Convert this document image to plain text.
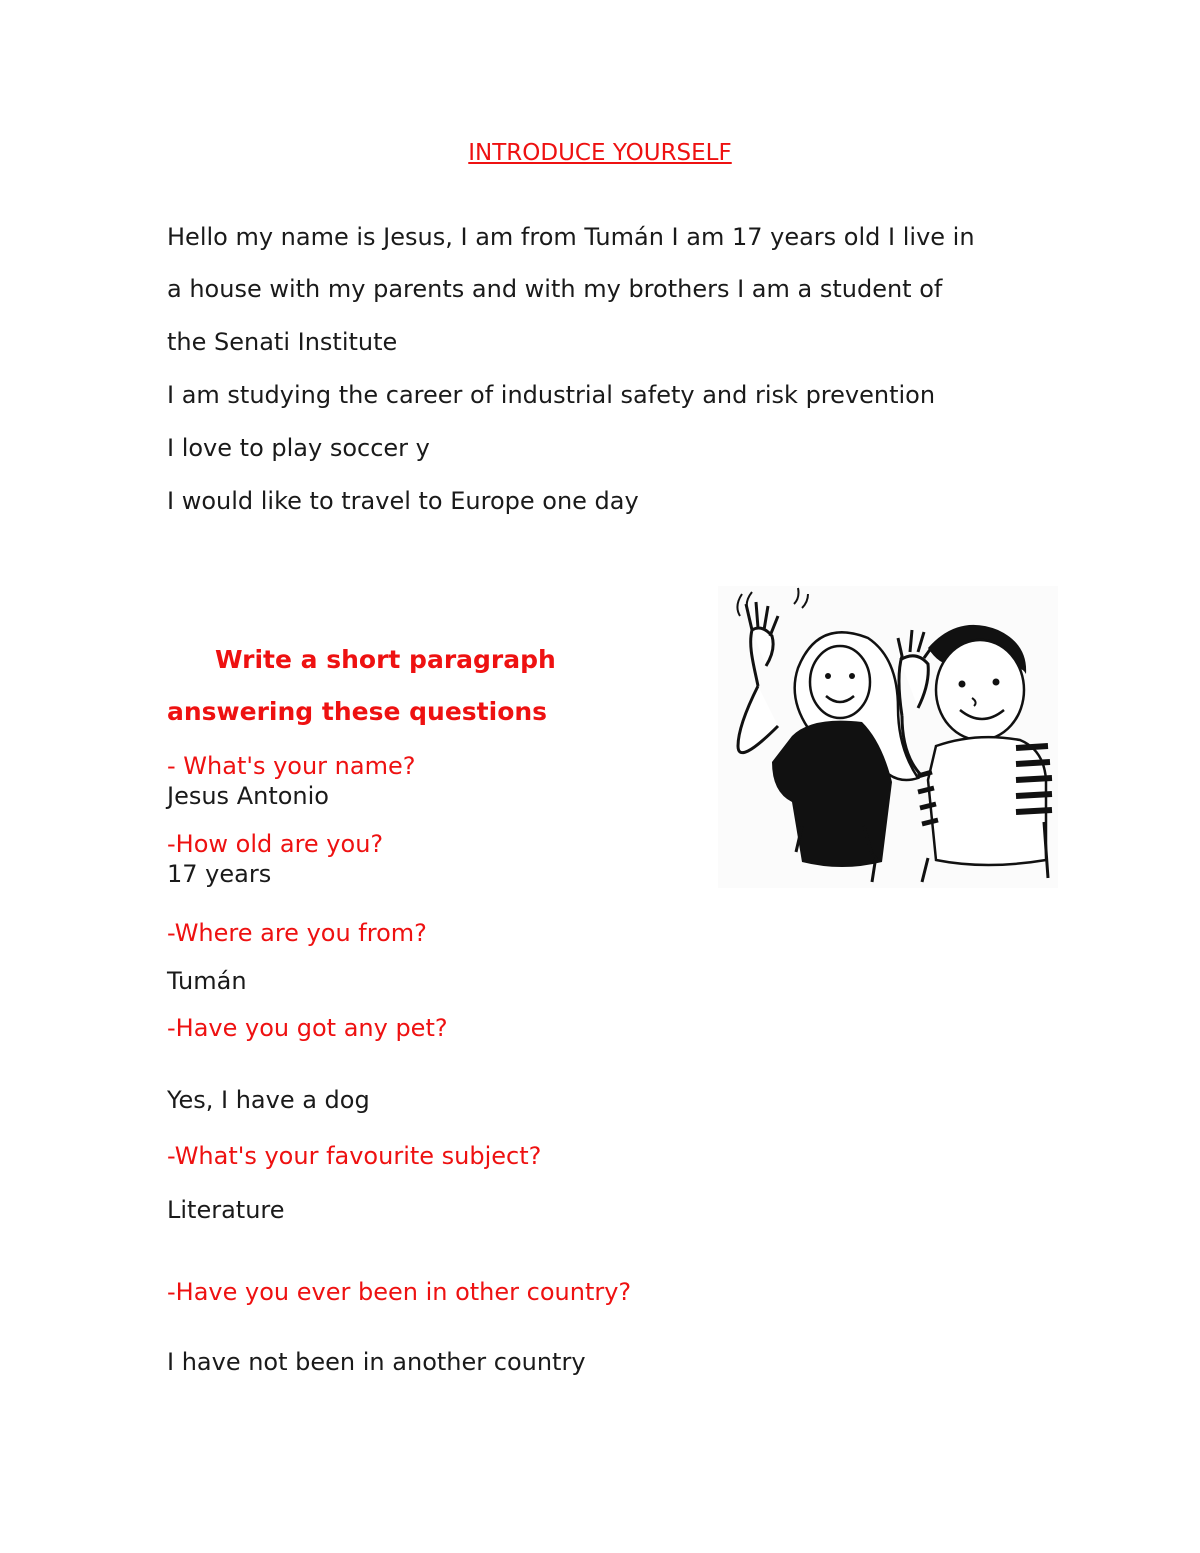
INTRODUCE YOURSELF
Hello my name is Jesus, I am from Tumán I am 17 years old I live in
a house with my parents and with my brothers I am a student of
the Senati Institute
I am studying the career of industrial safety and risk prevention
I love to play soccer y
I would like to travel to Europe one day
Write a short paragraph
answering these questions
- What's your name?
Jesus Antonio
-How old are you?
17 years
-Where are you from?
Tumán
-Have you got any pet?
Yes, I have a dog
-What's your favourite subject?
Literature
-Have you ever been in other country?
I have not been in another country
